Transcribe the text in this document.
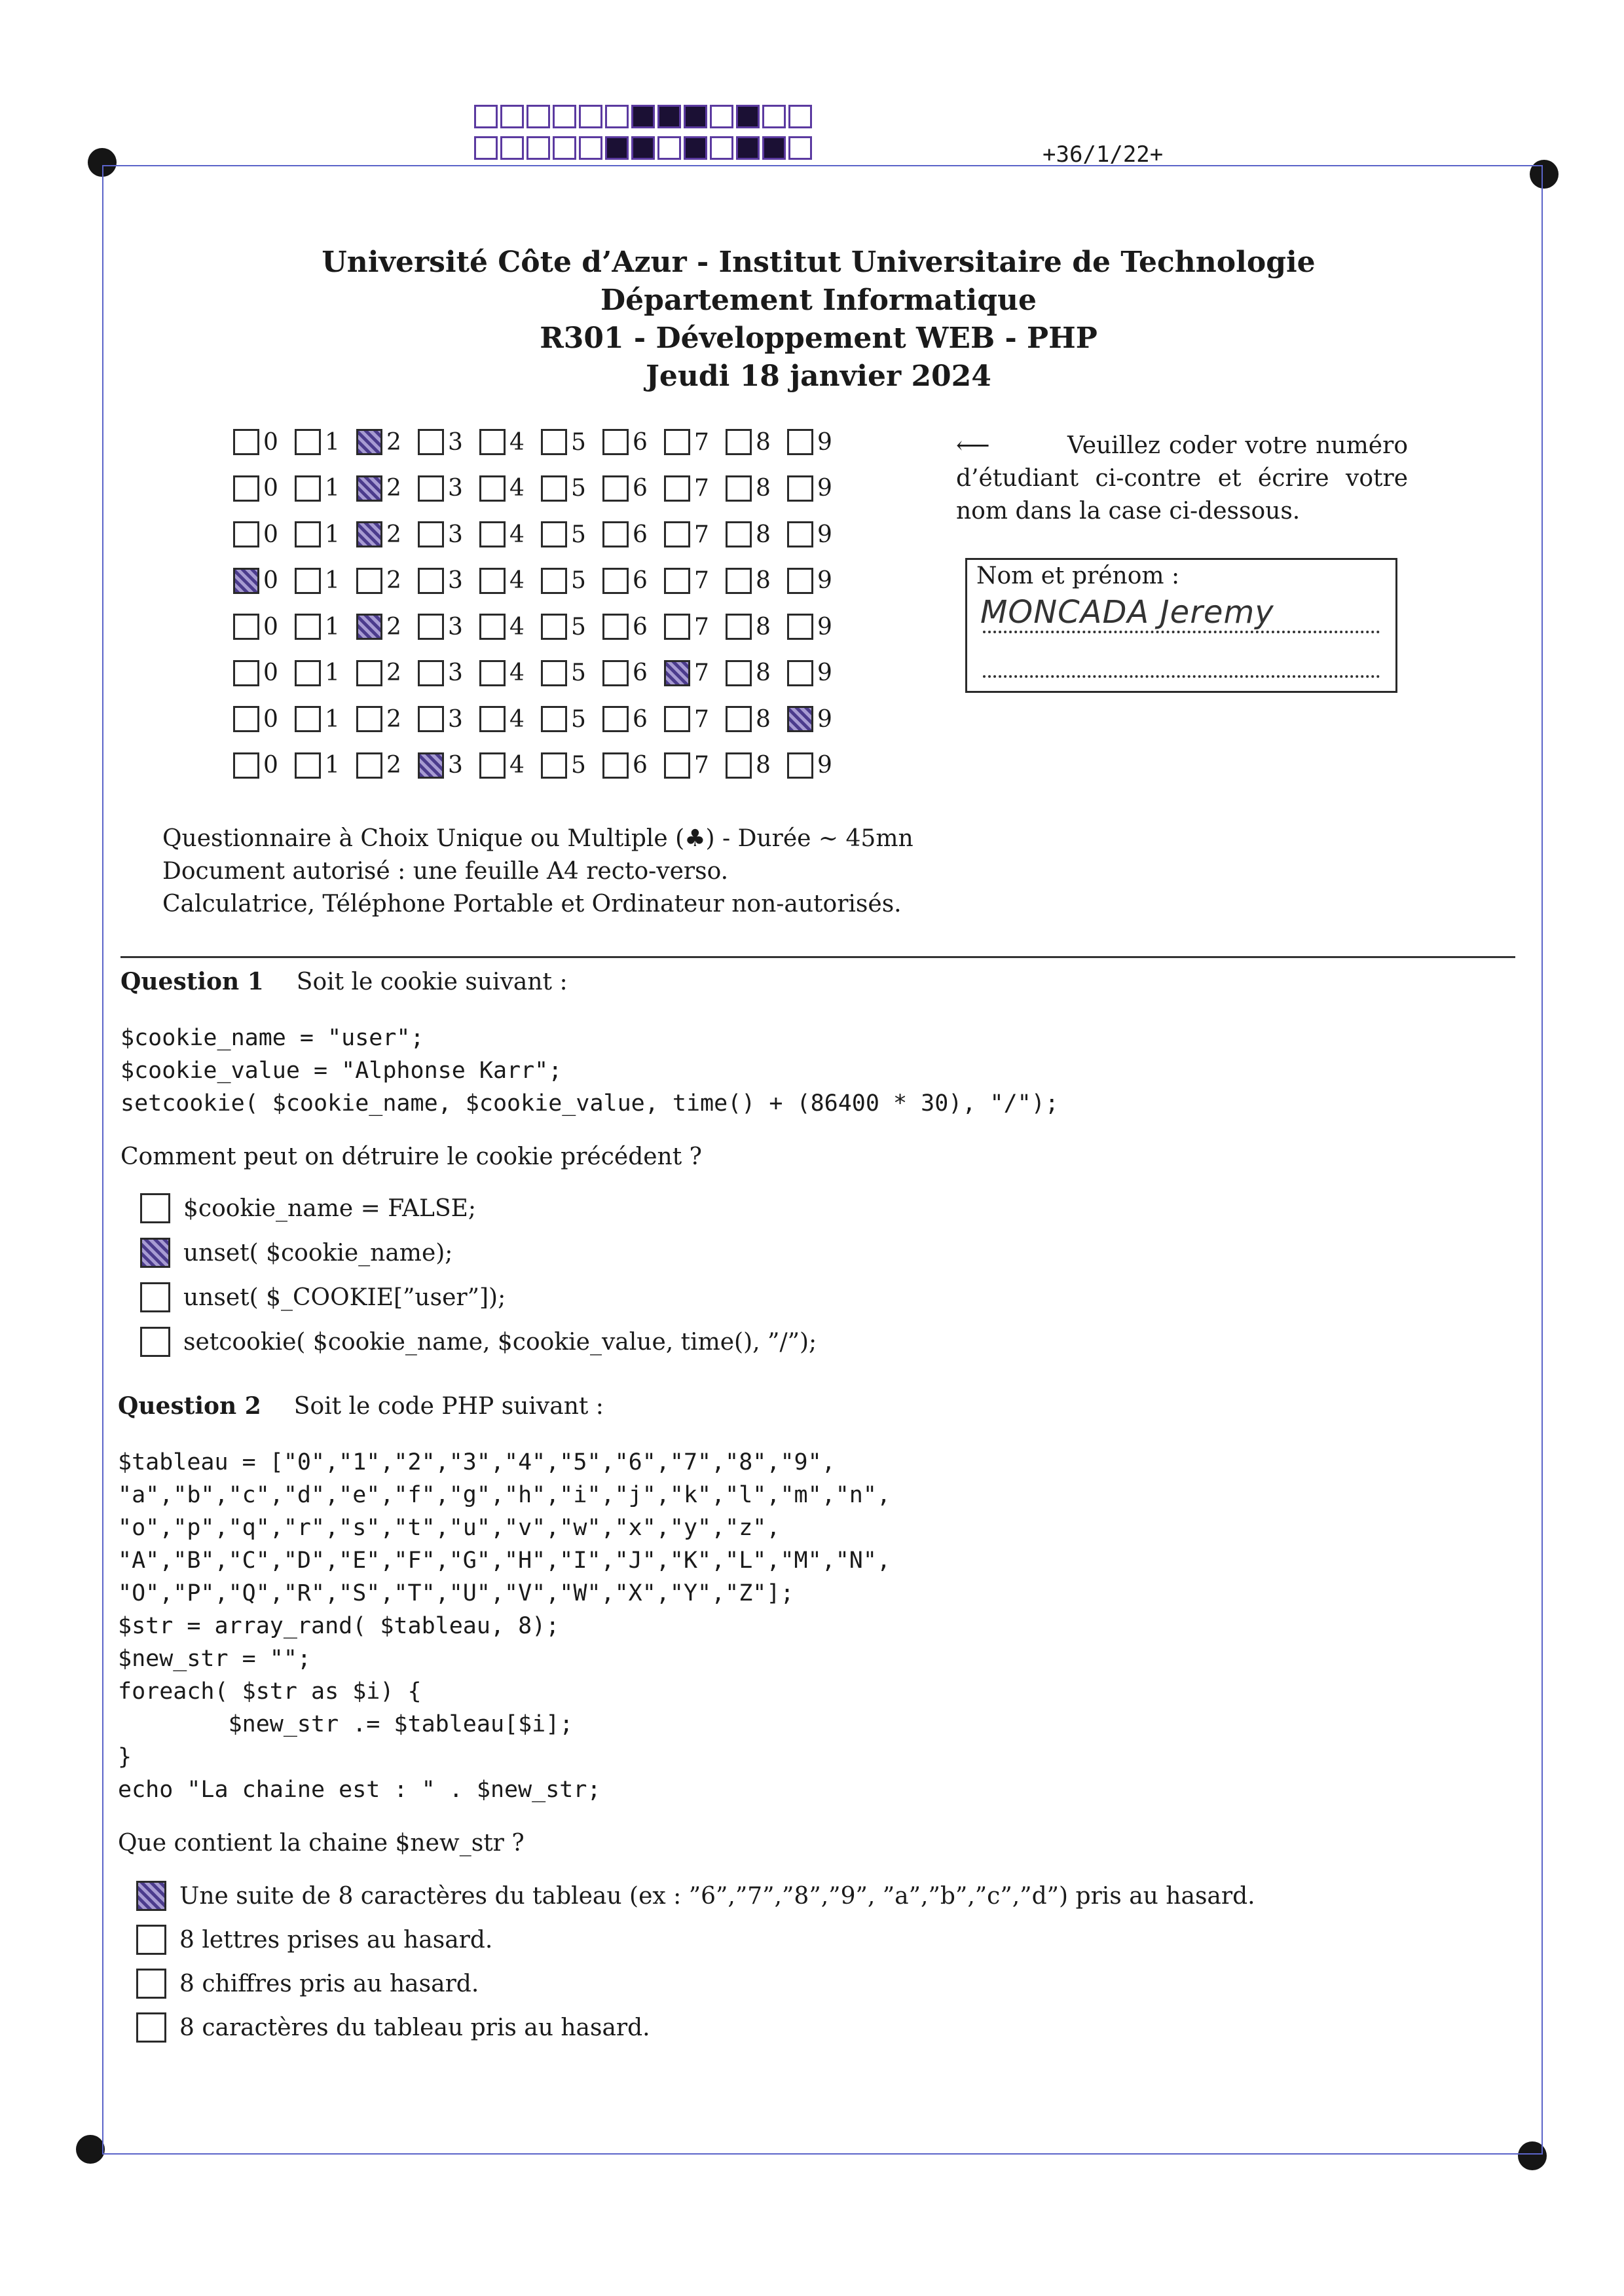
+36/1/22+
Université Côte d’Azur - Institut Universitaire de Technologie
Département Informatique
R301 - Développement WEB - PHP
Jeudi 18 janvier 2024
0 1 2 3 4 5 6 7 8 9
0 1 2 3 4 5 6 7 8 9
0 1 2 3 4 5 6 7 8 9
0 1 2 3 4 5 6 7 8 9
0 1 2 3 4 5 6 7 8 9
0 1 2 3 4 5 6 7 8 9
0 1 2 3 4 5 6 7 8 9
0 1 2 3 4 5 6 7 8 9
⟵	Veuillez coder votre numéro d’étudiant ci-contre et écrire votre nom dans la case ci-dessous.
Nom et prénom :
MONCADA Jeremy
Questionnaire à Choix Unique ou Multiple (♣) - Durée ∼ 45mn
Document autorisé : une feuille A4 recto-verso.
Calculatrice, Téléphone Portable et Ordinateur non-autorisés.
Question 1 Soit le cookie suivant :
$cookie_name = "user";
$cookie_value = "Alphonse Karr";
setcookie( $cookie_name, $cookie_value, time() + (86400 * 30), "/");
Comment peut on détruire le cookie précédent ?
$cookie_name = FALSE;
unset( $cookie_name);
unset( $_COOKIE[”user”]);
setcookie( $cookie_name, $cookie_value, time(), ”/”);
Question 2 Soit le code PHP suivant :
$tableau = ["0","1","2","3","4","5","6","7","8","9",
"a","b","c","d","e","f","g","h","i","j","k","l","m","n",
"o","p","q","r","s","t","u","v","w","x","y","z",
"A","B","C","D","E","F","G","H","I","J","K","L","M","N",
"O","P","Q","R","S","T","U","V","W","X","Y","Z"];
$str = array_rand( $tableau, 8);
$new_str = "";
foreach( $str as $i) {
$new_str .= $tableau[$i];
}
echo "La chaine est : " . $new_str;
Que contient la chaine $new_str ?
Une suite de 8 caractères du tableau (ex : ”6”,”7”,”8”,”9”, ”a”,”b”,”c”,”d”) pris au hasard.
8 lettres prises au hasard.
8 chiffres pris au hasard.
8 caractères du tableau pris au hasard.
